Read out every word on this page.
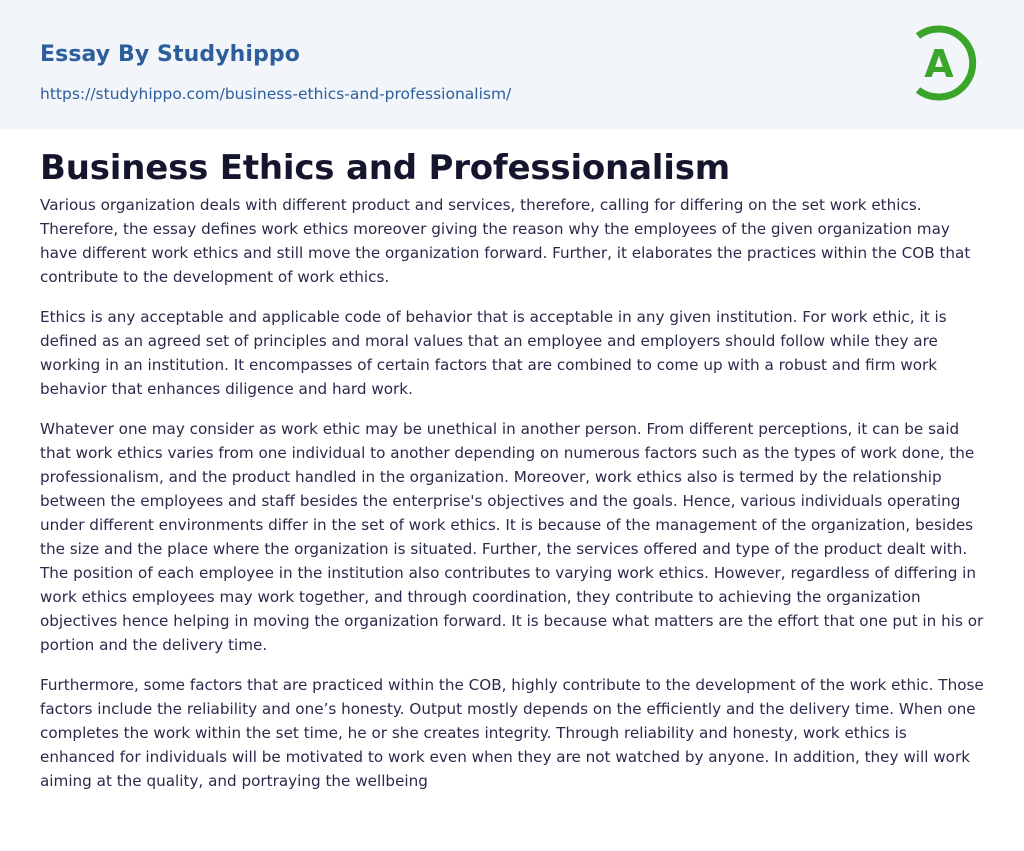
Essay By Studyhippo
https://studyhippo.com/business-ethics-and-professionalism/
A
Business Ethics and Professionalism

Various organization deals with different product and services, therefore, calling for differing on the set work ethics. Therefore, the essay defines work ethics moreover giving the reason why the employees of the given organization may have different work ethics and still move the organization forward. Further, it elaborates the practices within the COB that contribute to the development of work ethics.

Ethics is any acceptable and applicable code of behavior that is acceptable in any given institution. For work ethic, it is defined as an agreed set of principles and moral values that an employee and employers should follow while they are working in an institution. It encompasses of certain factors that are combined to come up with a robust and firm work behavior that enhances diligence and hard work.

Whatever one may consider as work ethic may be unethical in another person. From different perceptions, it can be said that work ethics varies from one individual to another depending on numerous factors such as the types of work done, the professionalism, and the product handled in the organization. Moreover, work ethics also is termed by the relationship between the employees and staff besides the enterprise's objectives and the goals. Hence, various individuals operating under different environments differ in the set of work ethics. It is because of the management of the organization, besides the size and the place where the organization is situated. Further, the services offered and type of the product dealt with. The position of each employee in the institution also contributes to varying work ethics. However, regardless of differing in work ethics employees may work together, and through coordination, they contribute to achieving the organization objectives hence helping in moving the organization forward. It is because what matters are the effort that one put in his or portion and the delivery time.

Furthermore, some factors that are practiced within the COB, highly contribute to the development of the work ethic. Those factors include the reliability and one’s honesty. Output mostly depends on the efficiently and the delivery time. When one completes the work within the set time, he or she creates integrity. Through reliability and honesty, work ethics is enhanced for individuals will be motivated to work even when they are not watched by anyone. In addition, they will work aiming at the quality, and portraying the wellbeing
